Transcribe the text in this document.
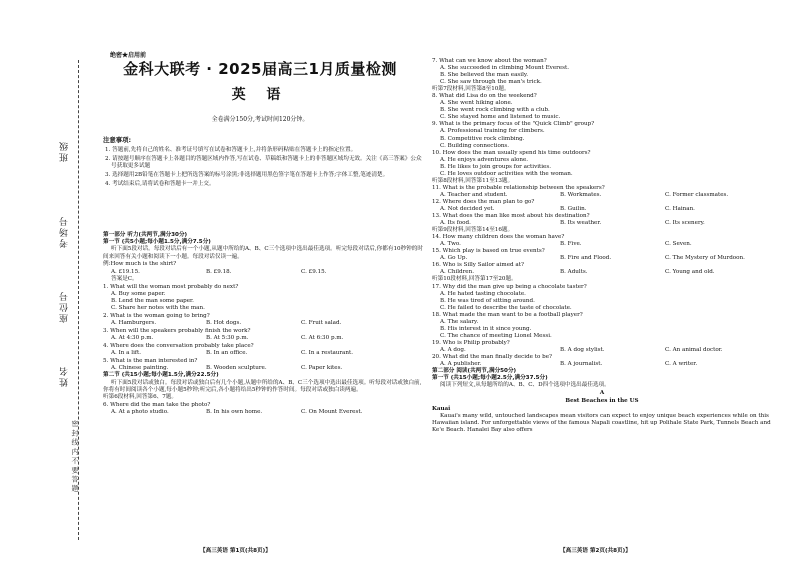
班级
考场号
座位号
姓名
密 封 线 内 不 要 答 题
绝密★启用前
金科大联考 · 2025届高三1月质量检测
英 语
全卷满分150分,考试时间120分钟。
注意事项:
1. 答题前,先将自己的姓名、准考证号填写在试卷和答题卡上,并将条形码粘贴在答题卡上的指定位置。
2. 请按题号顺序在答题卡上各题目的答题区域内作答,写在试卷、草稿纸和答题卡上的非答题区域均无效。关注《高三答案》公众号获取更多试题
3. 选择题用2B铅笔在答题卡上把所选答案的标号涂黑;非选择题用黑色签字笔在答题卡上作答;字体工整,笔迹清楚。
4. 考试结束后,请将试卷和答题卡一并上交。
第一部分 听力(共两节,满分30分)
第一节 (共5小题;每小题1.5分,满分7.5分)
听下面5段对话。每段对话后有一个小题,从题中所给的A、B、C三个选项中选出最佳选项。听完每段对话后,你都有10秒钟的时间来回答有关小题和阅读下一小题。每段对话仅读一遍。
例:How much is the shirt?
A. £19.15.	B. £9.18.	C. £9.15.
答案是C。
1. What will the woman most probably do next?
A. Buy some paper.
B. Lend the man some paper.
C. Share her notes with the man.
2. What is the woman going to bring?
A. Hamburgers.	B. Hot dogs.	C. Fruit salad.
3. When will the speakers probably finish the work?
A. At 4:30 p.m.	B. At 5:30 p.m.	C. At 6:30 p.m.
4. Where does the conversation probably take place?
A. In a lift.	B. In an office.	C. In a restaurant.
5. What is the man interested in?
A. Chinese painting.	B. Wooden sculpture.	C. Paper kites.
第二节 (共15小题;每小题1.5分,满分22.5分)
听下面5段对话或独白。每段对话或独白后有几个小题,从题中所给的A、B、C三个选项中选出最佳选项。听每段对话或独白前,你将有时间阅读各个小题,每小题5秒钟;听完后,各小题将给出5秒钟的作答时间。每段对话或独白读两遍。
听第6段材料,回答第6、7题。
6. Where did the man take the photo?
A. At a photo studio.	B. In his own home.	C. On Mount Everest.
7. What can we know about the woman?
A. She succeeded in climbing Mount Everest.
B. She believed the man easily.
C. She saw through the man's trick.
听第7段材料,回答第8至10题。
8. What did Lisa do on the weekend?
A. She went hiking alone.
B. She went rock climbing with a club.
C. She stayed home and listened to music.
9. What is the primary focus of the "Quick Climb" group?
A. Professional training for climbers.
B. Competitive rock climbing.
C. Building connections.
10. How does the man usually spend his time outdoors?
A. He enjoys adventures alone.
B. He likes to join groups for activities.
C. He loves outdoor activities with the woman.
听第8段材料,回答第11至13题。
11. What is the probable relationship between the speakers?
A. Teacher and student.	B. Workmates.	C. Former classmates.
12. Where does the man plan to go?
A. Not decided yet.	B. Guilin.	C. Hainan.
13. What does the man like most about his destination?
A. Its food.	B. Its weather.	C. Its scenery.
听第9段材料,回答第14至16题。
14. How many children does the woman have?
A. Two.	B. Five.	C. Seven.
15. Which play is based on true events?
A. Go Up.	B. Fire and Flood.	C. The Mystery of Murdoon.
16. Who is Silly Sailor aimed at?
A. Children.	B. Adults.	C. Young and old.
听第10段材料,回答第17至20题。
17. Why did the man give up being a chocolate taster?
A. He hated tasting chocolate.
B. He was tired of sitting around.
C. He failed to describe the taste of chocolate.
18. What made the man want to be a football player?
A. The salary.
B. His interest in it since young.
C. The chance of meeting Lionel Messi.
19. Who is Philip probably?
A. A dog.	B. A dog stylist.	C. An animal doctor.
20. What did the man finally decide to be?
A. A publisher.	B. A journalist.	C. A writer.
第二部分 阅读(共两节,满分50分)
第一节 (共15小题;每小题2.5分,满分37.5分)
阅读下列短文,从每题所给的A、B、C、D四个选项中选出最佳选项。
A
Best Beaches in the US
Kauai
Kauai's many wild, untouched landscapes mean visitors can expect to enjoy unique beach experiences while on this Hawaiian island. For unforgettable views of the famous Napali coastline, hit up Polihale State Park, Tunnels Beach and Ke'e Beach. Hanalei Bay also offers
【高三英语 第1页(共8页)】	【高三英语 第2页(共8页)】
